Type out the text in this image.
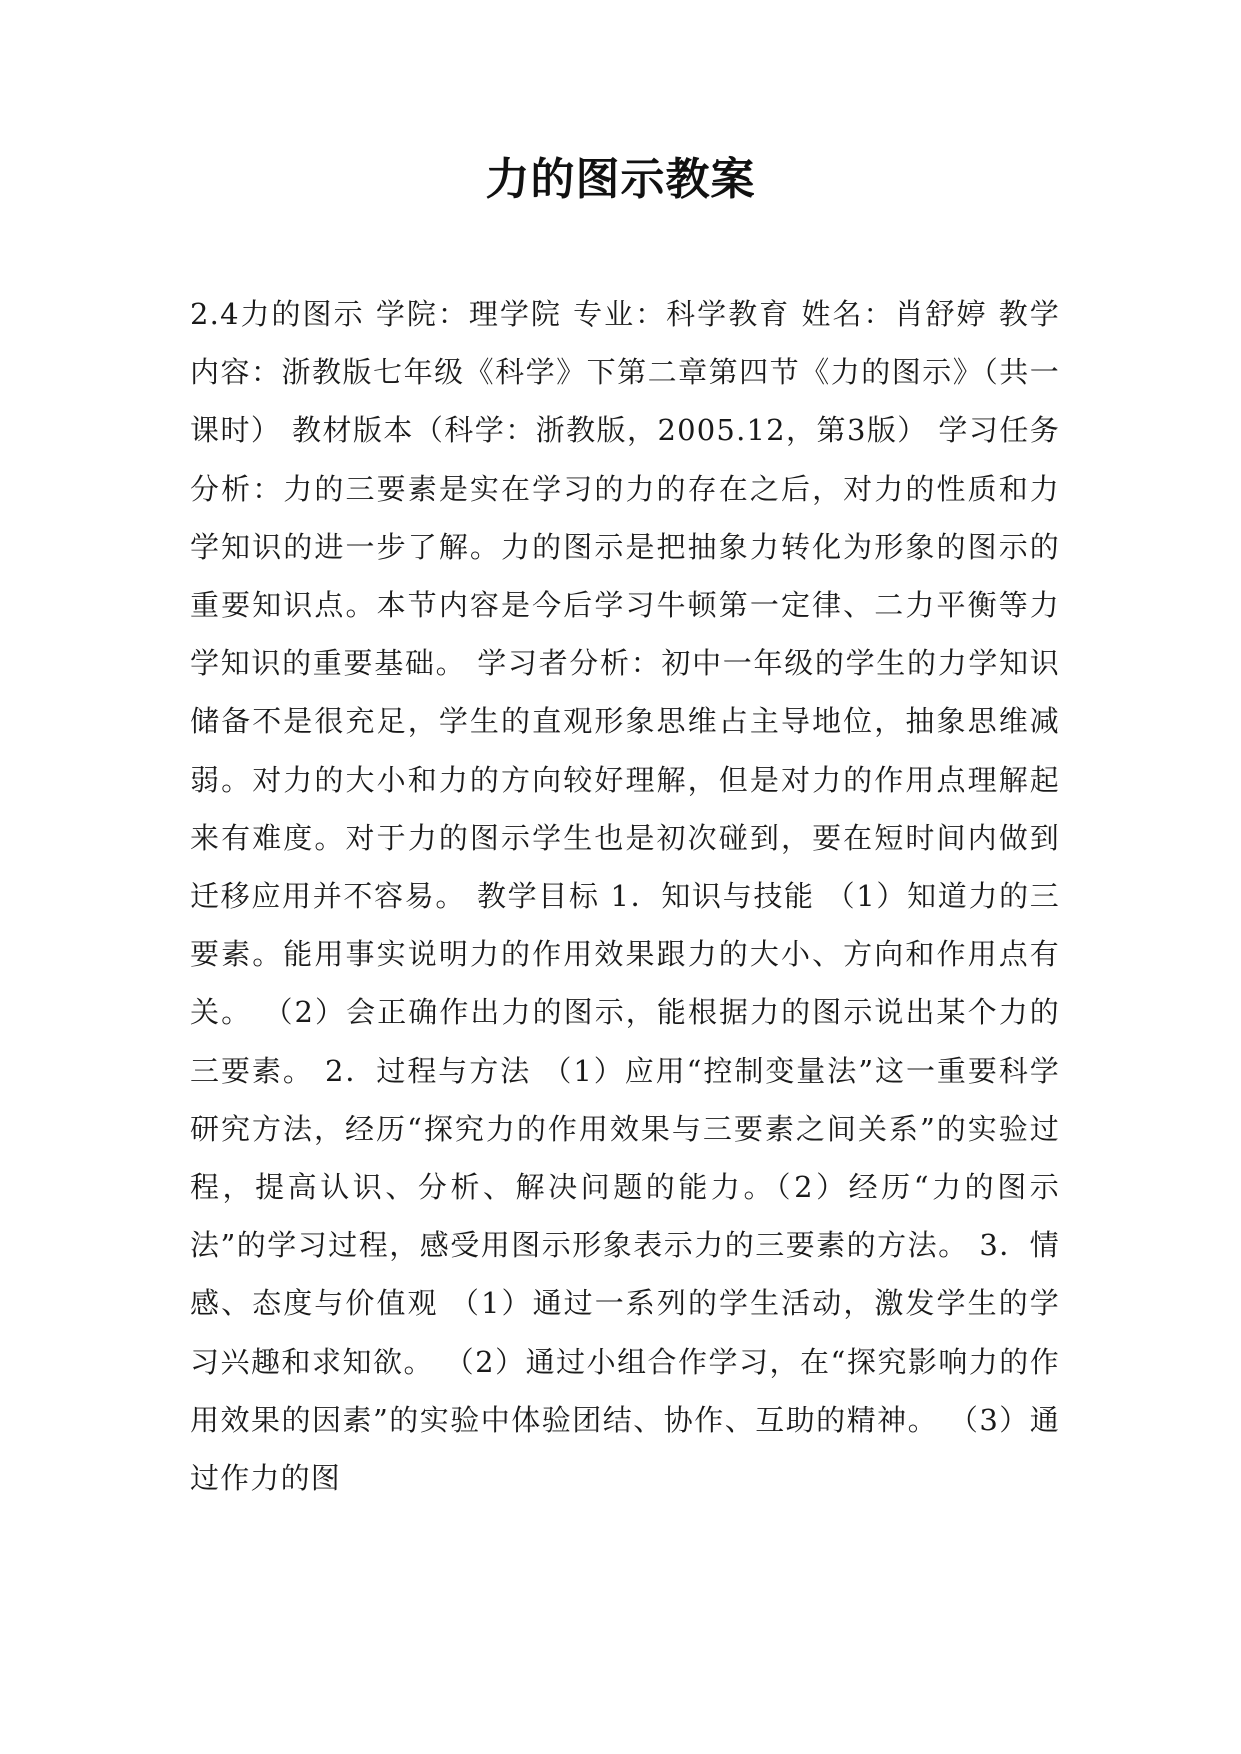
力的图示教案

2.4力的图示 学院：理学院 专业：科学教育 姓名：肖舒婷 教学内容：浙教版七年级《科学》下第二章第四节《力的图示》（共一课时） 教材版本（科学：浙教版，2005.12，第3版） 学习任务分析：力的三要素是实在学习的力的存在之后，对力的性质和力学知识的进一步了解。力的图示是把抽象力转化为形象的图示的重要知识点。本节内容是今后学习牛顿第一定律、二力平衡等力学知识的重要基础。 学习者分析：初中一年级的学生的力学知识储备不是很充足，学生的直观形象思维占主导地位，抽象思维减弱。对力的大小和力的方向较好理解，但是对力的作用点理解起来有难度。对于力的图示学生也是初次碰到，要在短时间内做到迁移应用并不容易。 教学目标 1．知识与技能 （1）知道力的三要素。能用事实说明力的作用效果跟力的大小、方向和作用点有关。 （2）会正确作出力的图示，能根据力的图示说出某个力的三要素。 2．过程与方法 （1）应用“控制变量法”这一重要科学研究方法，经历“探究力的作用效果与三要素之间关系”的实验过程，提高认识、分析、解决问题的能力。（2）经历“力的图示法”的学习过程，感受用图示形象表示力的三要素的方法。 3．情感、态度与价值观 （1）通过一系列的学生活动，激发学生的学习兴趣和求知欲。 （2）通过小组合作学习，在“探究影响力的作用效果的因素”的实验中体验团结、协作、互助的精神。 （3）通过作力的图
